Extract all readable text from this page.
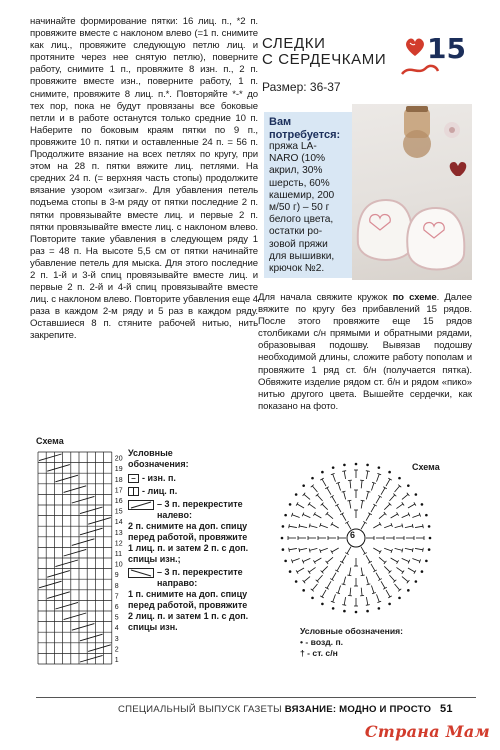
начинайте формирование пятки: 16 лиц. п., *2 п. провяжите вместе с наклоном влево (=1 п. снимите как лиц., провяжите следующую петлю лиц. и протяните через нее снятую петлю), поверните работу, снимите 1 п., провяжите 8 изн. п., 2 п. провяжите вместе изн., поверните работу, 1 п. снимите, провяжите 8 лиц. п.*. Повторяйте *-* до тех пор, пока не будут провязаны все боковые петли и в работе останутся только средние 10 п. Наберите по боковым краям пятки по 9 п., провяжите 10 п. пятки и оставленные 24 п. = 56 п. Продолжите вязание на всех петлях по кругу, при этом на 28 п. пятки вяжите лиц. петлями. На средних 24 п. (= верхняя часть стопы) продолжите вязание узором «зигзаг». Для убавления петель подъема стопы в 3-м ряду от пятки последние 2 п. пятки провязывайте вместе лиц. и первые 2 п. пятки провязывайте вместе лиц. с наклоном влево. Повторите такие убавления в следующем ряду 1 раз = 48 п. На высоте 5,5 см от пятки начинайте убавление петель для мыска. Для этого последние 2 п. 1-й и 3-й спиц провязывайте вместе лиц. и первые 2 п. 2-й и 4-й спиц провязывайте вместе лиц. с наклоном влево. Повторите убавления еще 4 раза в каждом 2-м ряду и 5 раз в каждом ряду. Оставшиеся 8 п. стяните рабочей нитью, нить закрепите.

СЛЕДКИ
С СЕРДЕЧКАМИ
Размер: 36-37
15
Вам
потребуется:
пряжа LA-
NARO (10%
акрил, 30%
шерсть, 60%
кашемир, 200
м/50 г) – 50 г
белого цвета,
остатки ро-
зовой пряжи
для вышивки,
крючок №2.
Для начала свяжите кружок по схеме. Далее вяжите по кругу без прибавлений 15 рядов. После этого провяжите еще 15 рядов столбиками с/н прямыми и обратными рядами, образовывая подошву. Вывязав подошву необходимой длины, сложите работу пополам и провяжите 1 ряд ст. б/н (получается пятка). Обвяжите изделие рядом ст. б/н и рядом «пико» нитью другого цвета. Вышейте сердечки, как показано на фото.
Схема
20
19
18
17
16
15
14
13
12
11
10
9
8
7
6
5
4
3
2
1
Условные
обозначения:
– - изн. п.
| - лиц. п.
– 3 п. перекрестите налево:
2 п. снимите на доп. спицу перед работой, провяжите 1 лиц. п. и затем 2 п. с доп. спицы изн.;
– 3 п. перекрестите направо:
1 п. снимите на доп. спицу перед работой, провяжите 2 лиц. п. и затем 1 п. с доп. спицы изн.
Схема
6
Условные обозначения:
• - возд. п.
† - ст. с/н
СПЕЦИАЛЬНЫЙ ВЫПУСК ГАЗЕТЫ ВЯЗАНИЕ: МОДНО И ПРОСТО 51
Страна Мам
